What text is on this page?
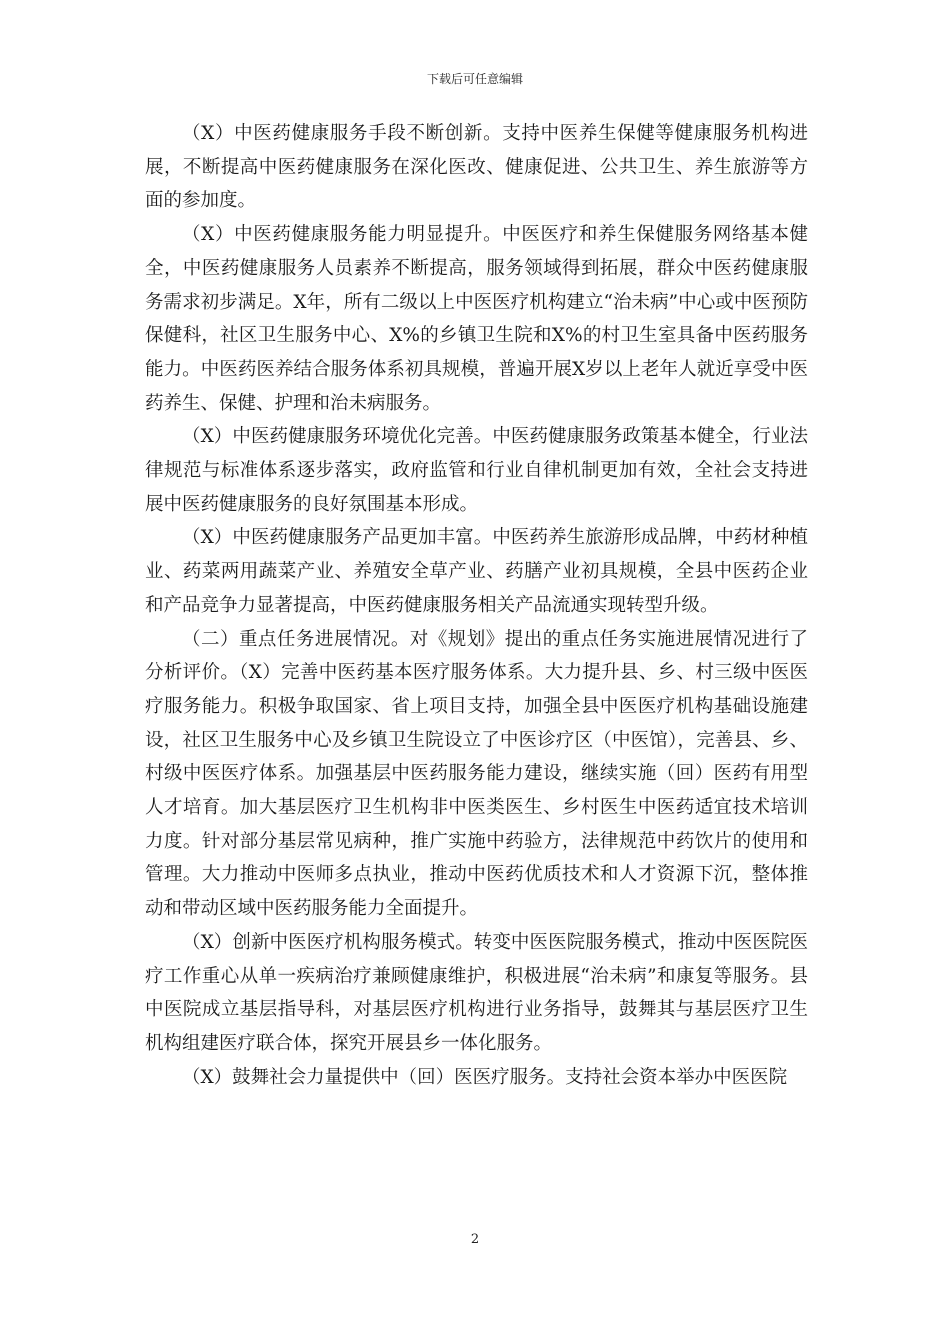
下载后可任意编辑

（X）中医药健康服务手段不断创新。支持中医养生保健等健康服务机构进展，不断提高中医药健康服务在深化医改、健康促进、公共卫生、养生旅游等方面的参加度。

（X）中医药健康服务能力明显提升。中医医疗和养生保健服务网络基本健全，中医药健康服务人员素养不断提高，服务领域得到拓展，群众中医药健康服务需求初步满足。X年，所有二级以上中医医疗机构建立“治未病”中心或中医预防保健科，社区卫生服务中心、X%的乡镇卫生院和X%的村卫生室具备中医药服务能力。中医药医养结合服务体系初具规模，普遍开展X岁以上老年人就近享受中医药养生、保健、护理和治未病服务。

（X）中医药健康服务环境优化完善。中医药健康服务政策基本健全，行业法律规范与标准体系逐步落实，政府监管和行业自律机制更加有效，全社会支持进展中医药健康服务的良好氛围基本形成。

（X）中医药健康服务产品更加丰富。中医药养生旅游形成品牌，中药材种植业、药菜两用蔬菜产业、养殖安全草产业、药膳产业初具规模，全县中医药企业和产品竞争力显著提高，中医药健康服务相关产品流通实现转型升级。

（二）重点任务进展情况。对《规划》提出的重点任务实施进展情况进行了分析评价。（X）完善中医药基本医疗服务体系。大力提升县、乡、村三级中医医疗服务能力。积极争取国家、省上项目支持，加强全县中医医疗机构基础设施建设，社区卫生服务中心及乡镇卫生院设立了中医诊疗区（中医馆），完善县、乡、村级中医医疗体系。加强基层中医药服务能力建设，继续实施（回）医药有用型人才培育。加大基层医疗卫生机构非中医类医生、乡村医生中医药适宜技术培训力度。针对部分基层常见病种，推广实施中药验方，法律规范中药饮片的使用和管理。大力推动中医师多点执业，推动中医药优质技术和人才资源下沉，整体推动和带动区域中医药服务能力全面提升。

（X）创新中医医疗机构服务模式。转变中医医院服务模式，推动中医医院医疗工作重心从单一疾病治疗兼顾健康维护，积极进展“治未病”和康复等服务。县中医院成立基层指导科，对基层医疗机构进行业务指导，鼓舞其与基层医疗卫生机构组建医疗联合体，探究开展县乡一体化服务。

（X）鼓舞社会力量提供中（回）医医疗服务。支持社会资本举办中医医院

2
